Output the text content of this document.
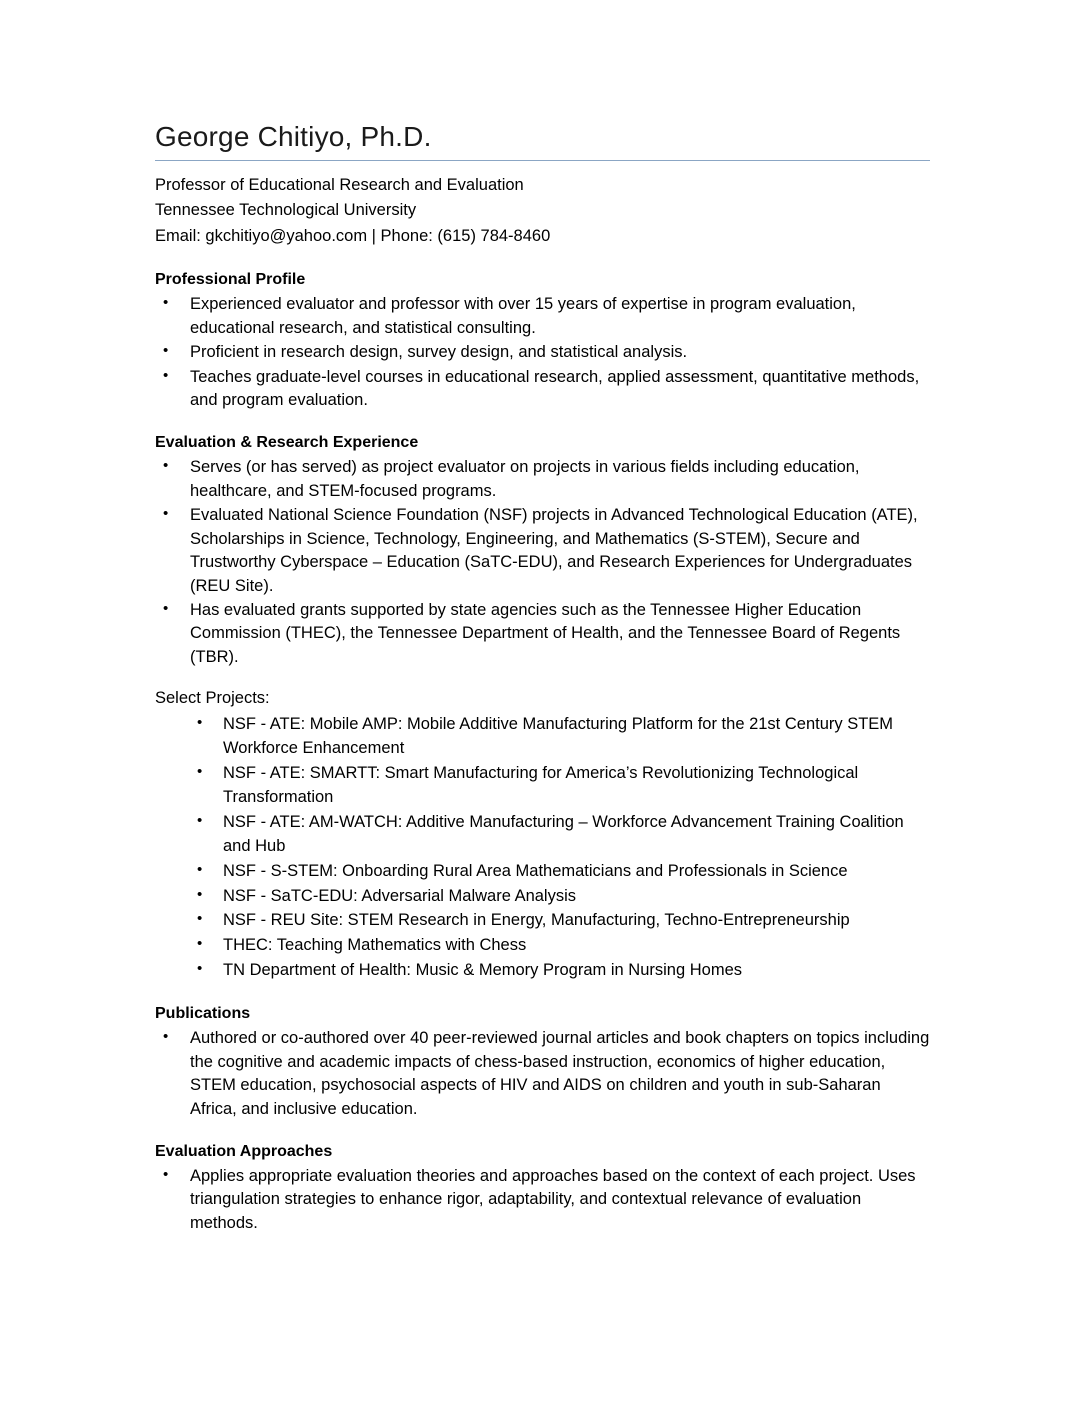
George Chitiyo, Ph.D.
Professor of Educational Research and Evaluation
Tennessee Technological University
Email: gkchitiyo@yahoo.com | Phone: (615) 784-8460
Professional Profile
• Experienced evaluator and professor with over 15 years of expertise in program evaluation, educational research, and statistical consulting.
• Proficient in research design, survey design, and statistical analysis.
• Teaches graduate-level courses in educational research, applied assessment, quantitative methods, and program evaluation.
Evaluation & Research Experience
• Serves (or has served) as project evaluator on projects in various fields including education, healthcare, and STEM-focused programs.
• Evaluated National Science Foundation (NSF) projects in Advanced Technological Education (ATE), Scholarships in Science, Technology, Engineering, and Mathematics (S-STEM), Secure and Trustworthy Cyberspace – Education (SaTC-EDU), and Research Experiences for Undergraduates (REU Site).
• Has evaluated grants supported by state agencies such as the Tennessee Higher Education Commission (THEC), the Tennessee Department of Health, and the Tennessee Board of Regents (TBR).
Select Projects:
• NSF - ATE: Mobile AMP: Mobile Additive Manufacturing Platform for the 21st Century STEM Workforce Enhancement
• NSF - ATE: SMARTT: Smart Manufacturing for America’s Revolutionizing Technological Transformation
• NSF - ATE: AM-WATCH: Additive Manufacturing – Workforce Advancement Training Coalition and Hub
• NSF - S-STEM: Onboarding Rural Area Mathematicians and Professionals in Science
• NSF - SaTC-EDU: Adversarial Malware Analysis
• NSF - REU Site: STEM Research in Energy, Manufacturing, Techno-Entrepreneurship
• THEC: Teaching Mathematics with Chess
• TN Department of Health: Music & Memory Program in Nursing Homes
Publications
• Authored or co-authored over 40 peer-reviewed journal articles and book chapters on topics including the cognitive and academic impacts of chess-based instruction, economics of higher education, STEM education, psychosocial aspects of HIV and AIDS on children and youth in sub-Saharan Africa, and inclusive education.
Evaluation Approaches
• Applies appropriate evaluation theories and approaches based on the context of each project. Uses triangulation strategies to enhance rigor, adaptability, and contextual relevance of evaluation methods.
